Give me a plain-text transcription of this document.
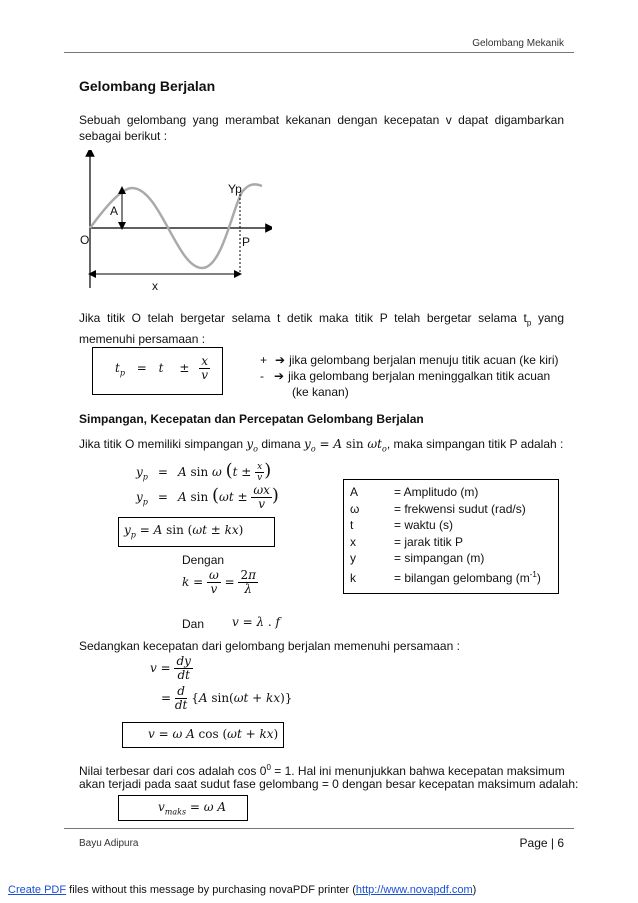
Gelombang Mekanik
Gelombang Berjalan
Sebuah gelombang yang merambat kekanan dengan kecepatan v dapat digambarkan sebagai berikut :
Yp
A
O	P
x
Jika titik O telah bergetar selama t detik maka titik P telah bergetar selama $t_p$ yang memenuhi persamaan :
$t_p = t \pm \frac{x}{v}$	+ ➔ jika gelombang berjalan menuju titik acuan (ke kiri)
- ➔ jika gelombang berjalan meninggalkan titik acuan
(ke kanan)
Simpangan, Kecepatan dan Percepatan Gelombang Berjalan
Jika titik O memiliki simpangan $y_o$ dimana $y_o = A$ $\sin \omega t_o$, maka simpangan titik P adalah :
$y_p = A$ sin ω ($t \pm \frac{x}{v}$ )
$y_p = A$ $\sin (\omega t \pm \frac{\omega x}{v}$ )
$y_p = A$ sin (ωt ± kx)
A	= Amplitudo (m)
ω	= frekwensi sudut (rad/s)
t	= waktu (s)
x	= jarak titik P
y	= simpangan (m)
k	= bilangan gelombang $(m^{-1})$
Dengan
$k = \frac{\omega}{v} = \frac{2\pi}{\lambda}$
Dan v = λ . f
Sedangkan kecepatan dari gelombang berjalan memenuhi persamaan :
$v = \frac{dy}{dt}$
= $\frac{d}{dt} \{A$ sin(ωt + kx)}
v = ω A cos (ωt + kx)
Nilai terbesar dari cos adalah $\cos 0^0 = 1$. Hal ini menunjukkan bahwa kecepatan maksimum
akan terjadi pada saat sudut fase gelombang = 0 dengan besar kecepatan maksimum adalah:
$v_{maks} = \omega$ A
Bayu Adipura	Page | 6
Create PDF files without this message by purchasing novaPDF printer (http://www.novapdf.com)
